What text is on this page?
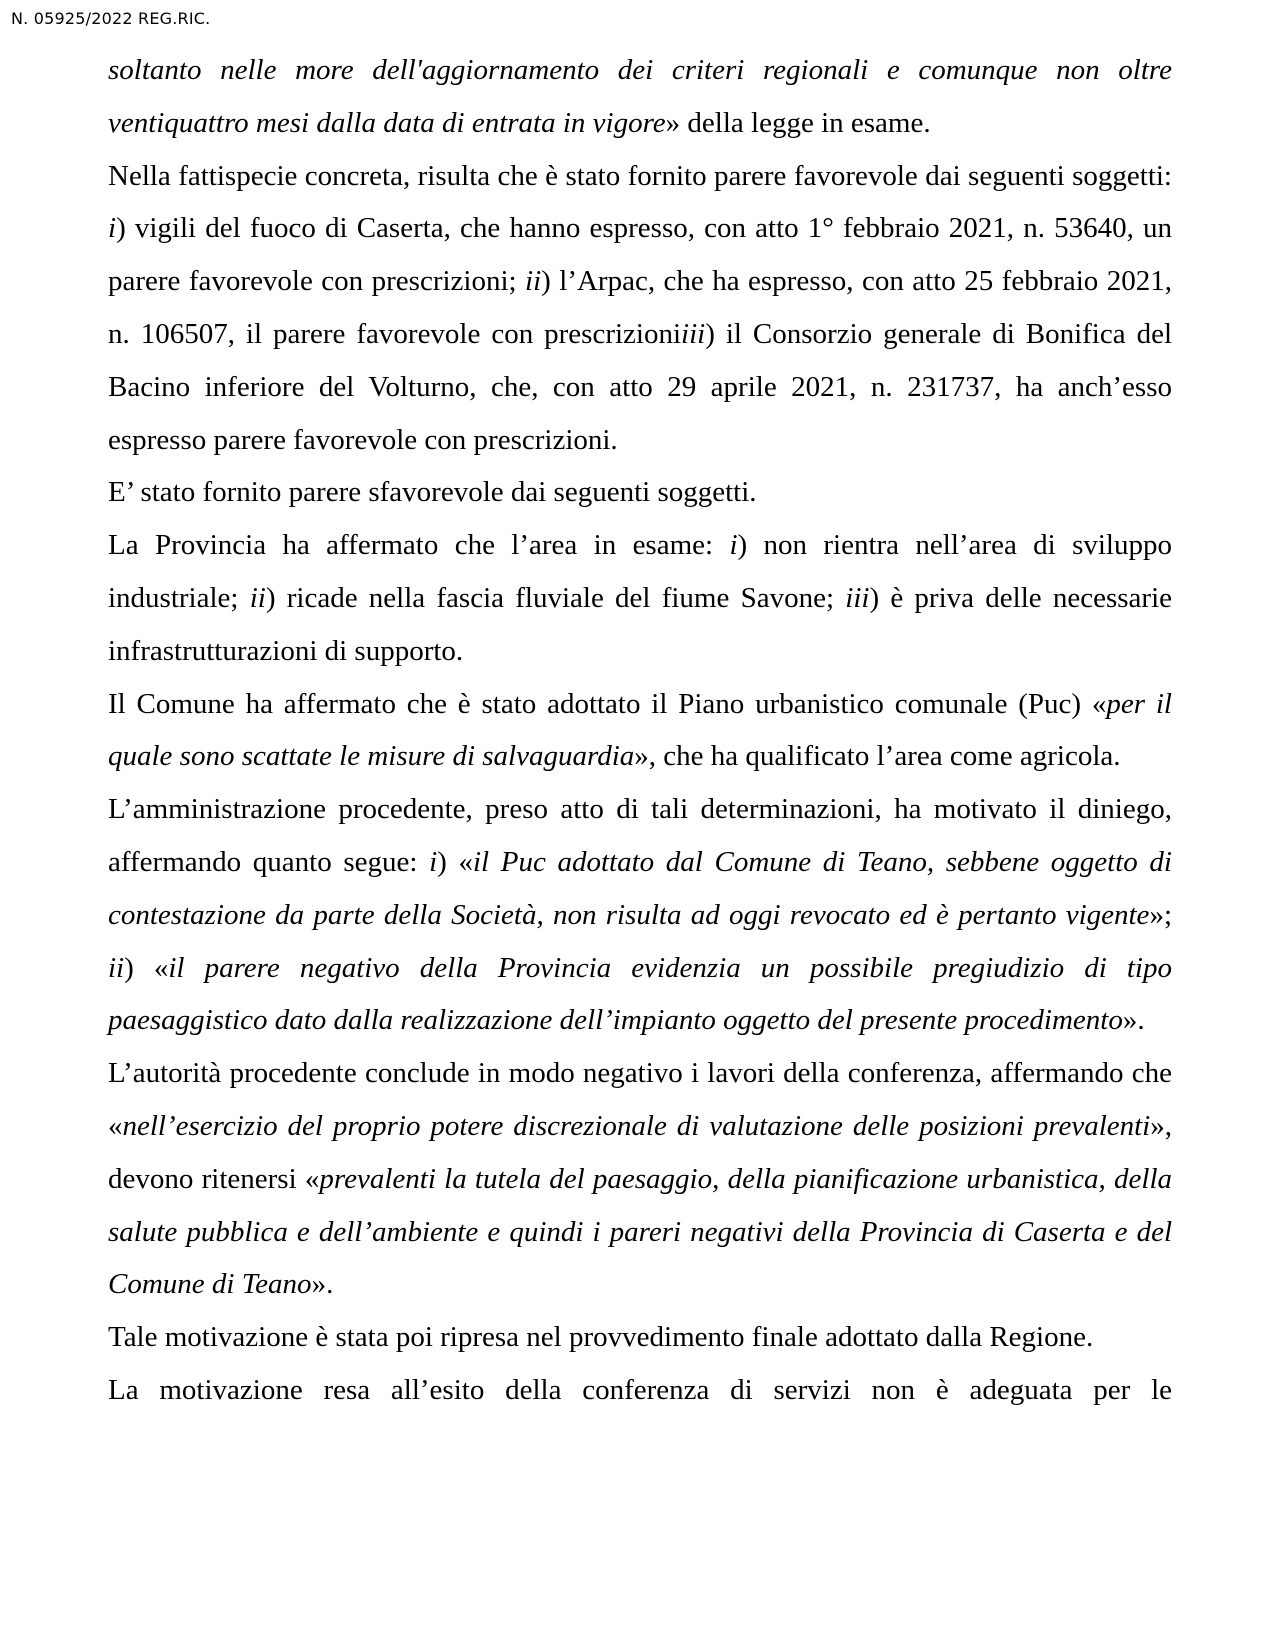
N. 05925/2022 REG.RIC.

soltanto nelle more dell'aggiornamento dei criteri regionali e comunque non oltre ventiquattro mesi dalla data di entrata in vigore» della legge in esame.

Nella fattispecie concreta, risulta che è stato fornito parere favorevole dai seguenti soggetti: i) vigili del fuoco di Caserta, che hanno espresso, con atto 1° febbraio 2021, n. 53640, un parere favorevole con prescrizioni; ii) l’Arpac, che ha espresso, con atto 25 febbraio 2021, n. 106507, il parere favorevole con prescrizioniiii) il Consorzio generale di Bonifica del Bacino inferiore del Volturno, che, con atto 29 aprile 2021, n. 231737, ha anch’esso espresso parere favorevole con prescrizioni.

E’ stato fornito parere sfavorevole dai seguenti soggetti.

La Provincia ha affermato che l’area in esame: i) non rientra nell’area di sviluppo industriale; ii) ricade nella fascia fluviale del fiume Savone; iii) è priva delle necessarie infrastrutturazioni di supporto.

Il Comune ha affermato che è stato adottato il Piano urbanistico comunale (Puc) «per il quale sono scattate le misure di salvaguardia», che ha qualificato l’area come agricola.

L’amministrazione procedente, preso atto di tali determinazioni, ha motivato il diniego, affermando quanto segue: i) «il Puc adottato dal Comune di Teano, sebbene oggetto di contestazione da parte della Società, non risulta ad oggi revocato ed è pertanto vigente»; ii) «il parere negativo della Provincia evidenzia un possibile pregiudizio di tipo paesaggistico dato dalla realizzazione dell’impianto oggetto del presente procedimento».

L’autorità procedente conclude in modo negativo i lavori della conferenza, affermando che «nell’esercizio del proprio potere discrezionale di valutazione delle posizioni prevalenti», devono ritenersi «prevalenti la tutela del paesaggio, della pianificazione urbanistica, della salute pubblica e dell’ambiente e quindi i pareri negativi della Provincia di Caserta e del Comune di Teano».

Tale motivazione è stata poi ripresa nel provvedimento finale adottato dalla Regione.

La motivazione resa all’esito della conferenza di servizi non è adeguata per le
